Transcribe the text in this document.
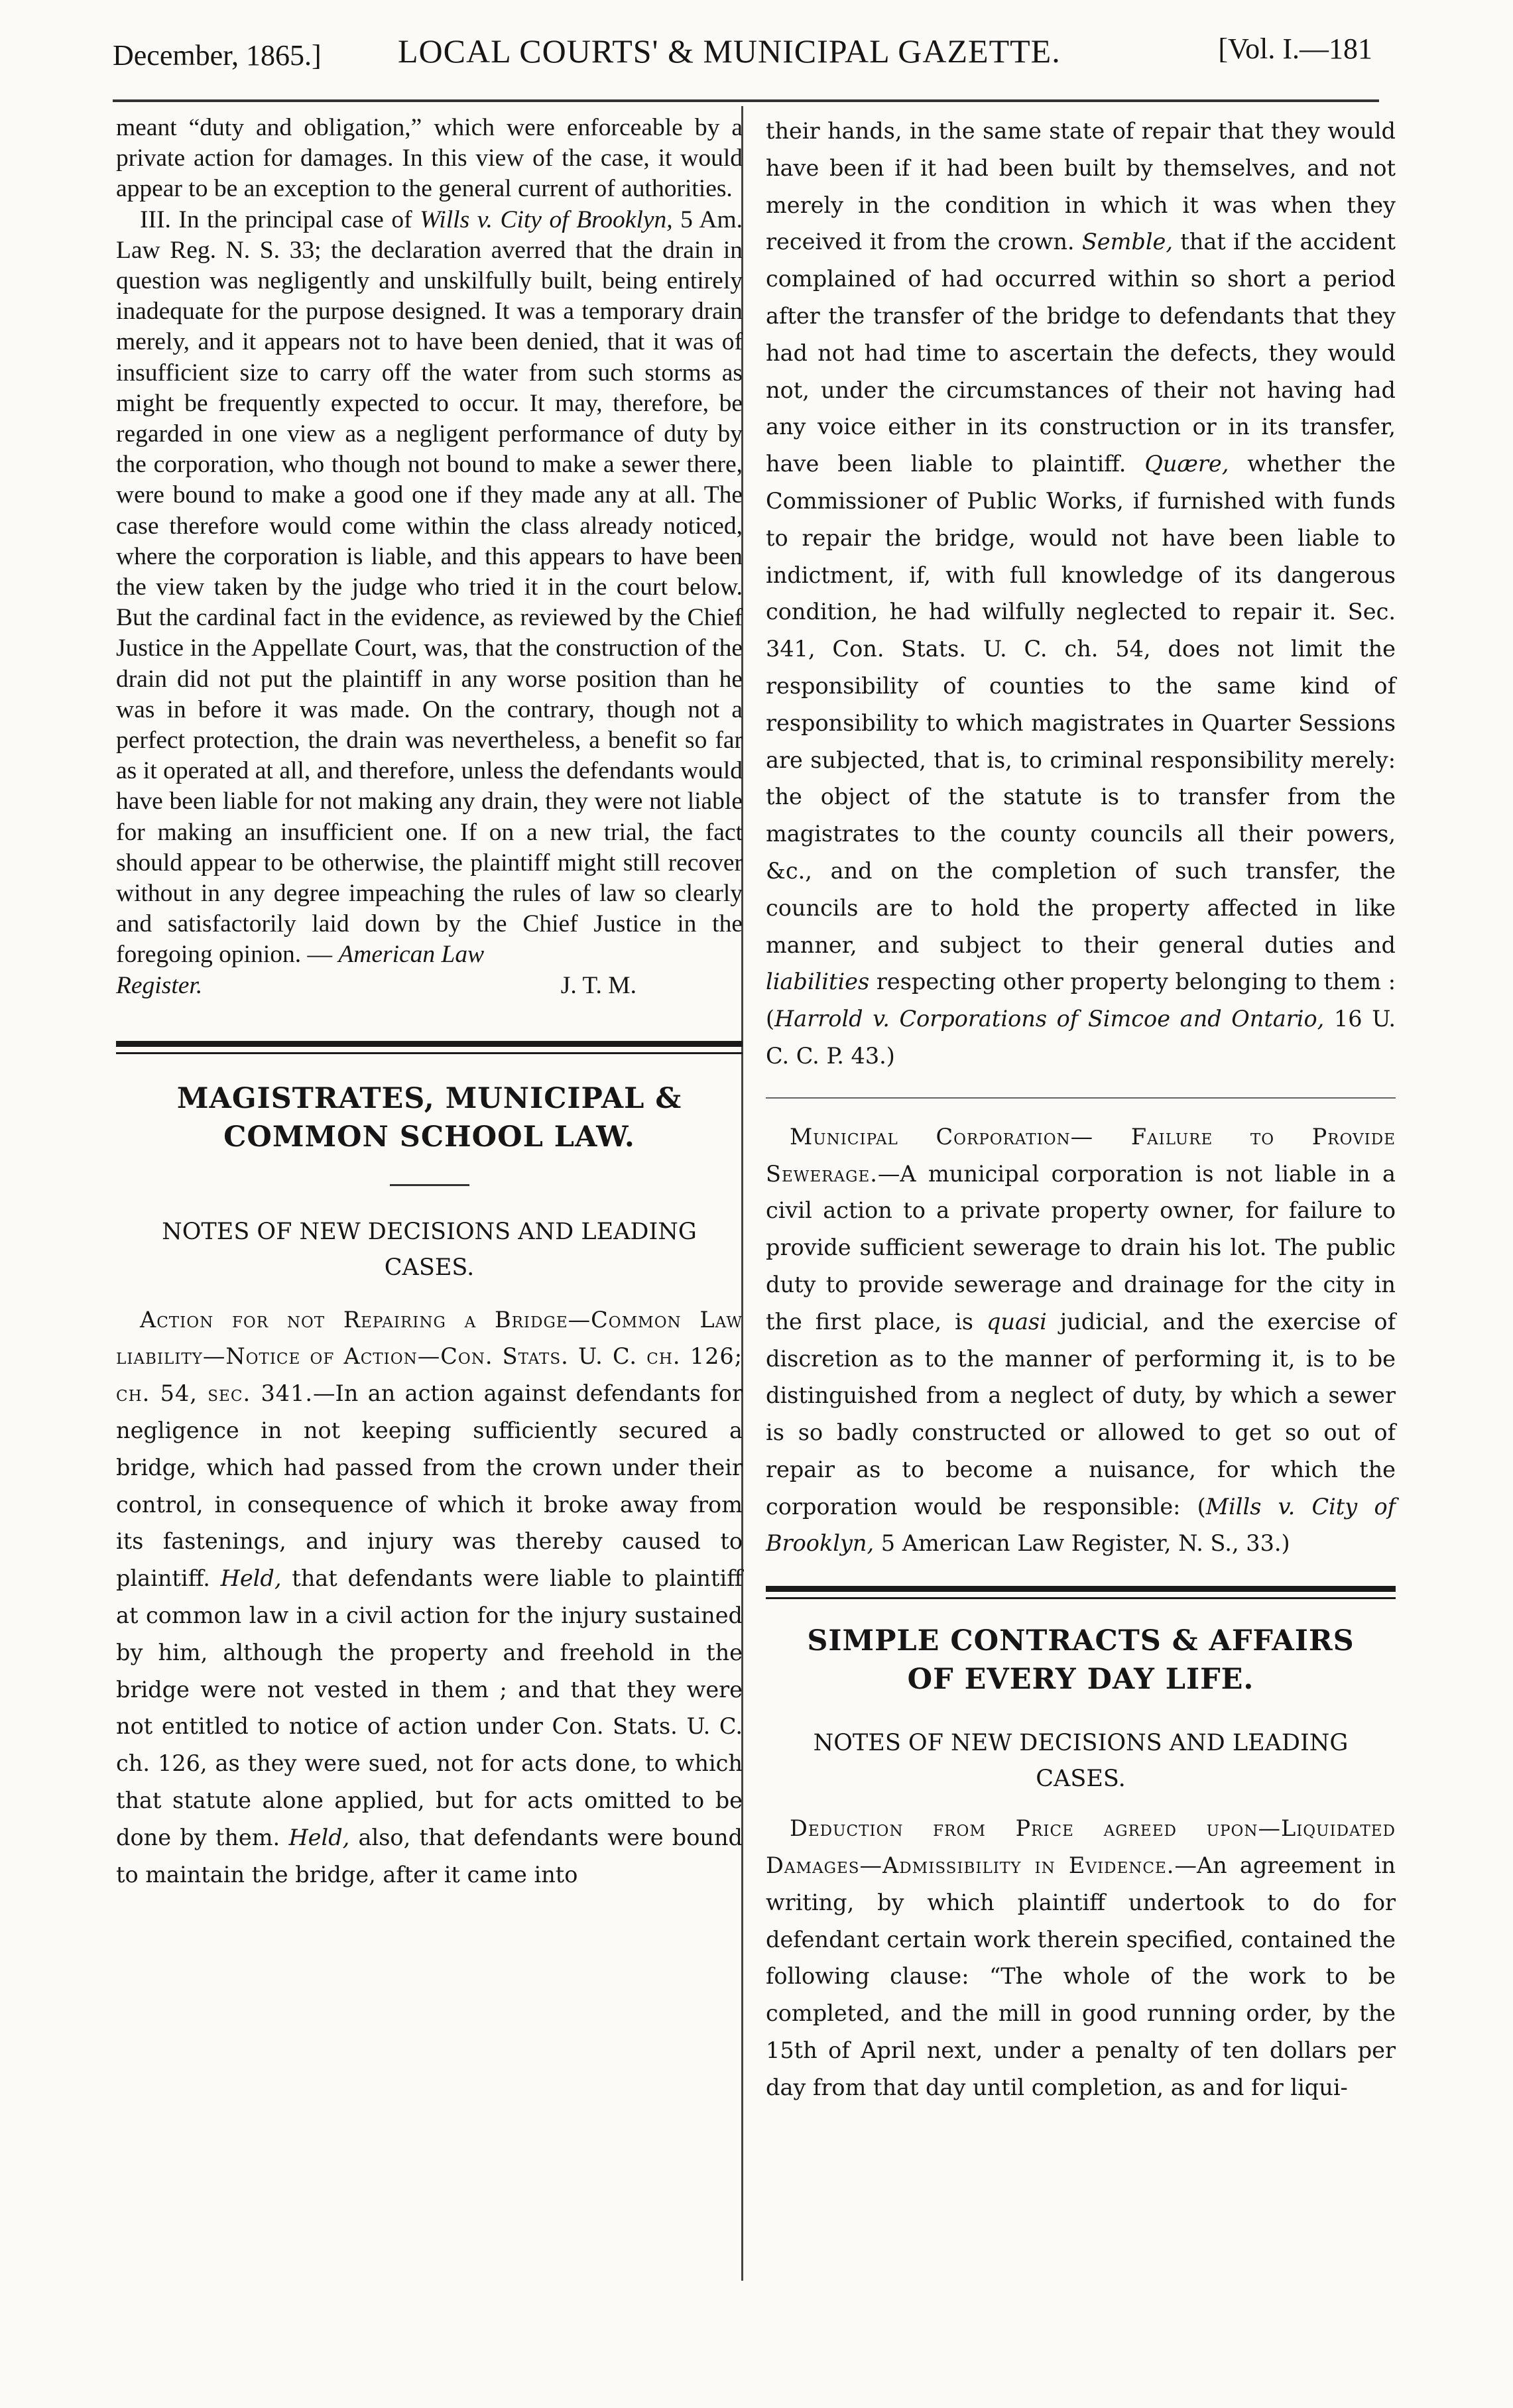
December, 1865.] LOCAL COURTS' & MUNICIPAL GAZETTE.	[Vol. I.—181

meant “duty and obligation,” which were enforceable by a private action for damages. In this view of the case, it would appear to be an exception to the general current of authorities.

III. In the principal case of Wills v. City of Brooklyn, 5 Am. Law Reg. N. S. 33; the declaration averred that the drain in question was negligently and unskilfully built, being entirely inadequate for the purpose designed. It was a temporary drain merely, and it appears not to have been denied, that it was of insufficient size to carry off the water from such storms as might be frequently expected to occur. It may, therefore, be regarded in one view as a negligent performance of duty by the corporation, who though not bound to make a sewer there, were bound to make a good one if they made any at all. The case therefore would come within the class already noticed, where the corporation is liable, and this appears to have been the view taken by the judge who tried it in the court below. But the cardinal fact in the evidence, as reviewed by the Chief Justice in the Appellate Court, was, that the construction of the drain did not put the plaintiff in any worse position than he was in before it was made. On the contrary, though not a perfect protection, the drain was nevertheless, a benefit so far as it operated at all, and therefore, unless the defendants would have been liable for not making any drain, they were not liable for making an insufficient one. If on a new trial, the fact should appear to be otherwise, the plaintiff might still recover without in any degree impeaching the rules of law so clearly and satisfactorily laid down by the Chief Justice in the foregoing opinion. — American Law

Register.	J. T. M.

MAGISTRATES, MUNICIPAL &
COMMON SCHOOL LAW.

NOTES OF NEW DECISIONS AND LEADING
CASES.

Action for not Repairing a Bridge—Common Law liability—Notice of Action—Con. Stats. U. C. ch. 126; ch. 54, sec. 341.—In an action against defendants for negligence in not keeping sufficiently secured a bridge, which had passed from the crown under their control, in consequence of which it broke away from its fastenings, and injury was thereby caused to plaintiff. Held, that defendants were liable to plaintiff at common law in a civil action for the injury sustained by him, although the property and freehold in the bridge were not vested in them ; and that they were not entitled to notice of action under Con. Stats. U. C. ch. 126, as they were sued, not for acts done, to which that statute alone applied, but for acts omitted to be done by them. Held, also, that defendants were bound to maintain the bridge, after it came into

their hands, in the same state of repair that they would have been if it had been built by themselves, and not merely in the condition in which it was when they received it from the crown. Semble, that if the accident complained of had occurred within so short a period after the transfer of the bridge to defendants that they had not had time to ascertain the defects, they would not, under the circumstances of their not having had any voice either in its construction or in its transfer, have been liable to plaintiff. Quære, whether the Commissioner of Public Works, if furnished with funds to repair the bridge, would not have been liable to indictment, if, with full knowledge of its dangerous condition, he had wilfully neglected to repair it. Sec. 341, Con. Stats. U. C. ch. 54, does not limit the responsibility of counties to the same kind of responsibility to which magistrates in Quarter Sessions are subjected, that is, to criminal responsibility merely: the object of the statute is to transfer from the magistrates to the county councils all their powers, &c., and on the completion of such transfer, the councils are to hold the property affected in like manner, and subject to their general duties and liabilities respecting other property belonging to them : (Harrold v. Corporations of Simcoe and Ontario, 16 U. C. C. P. 43.)

Municipal Corporation— Failure to Provide Sewerage.—A municipal corporation is not liable in a civil action to a private property owner, for failure to provide sufficient sewerage to drain his lot. The public duty to provide sewerage and drainage for the city in the first place, is quasi judicial, and the exercise of discretion as to the manner of performing it, is to be distinguished from a neglect of duty, by which a sewer is so badly constructed or allowed to get so out of repair as to become a nuisance, for which the corporation would be responsible: (Mills v. City of Brooklyn, 5 American Law Register, N. S., 33.)

SIMPLE CONTRACTS & AFFAIRS
OF EVERY DAY LIFE.

NOTES OF NEW DECISIONS AND LEADING
CASES.

Deduction from Price agreed upon—Liquidated Damages—Admissibility in Evidence.—An agreement in writing, by which plaintiff undertook to do for defendant certain work therein specified, contained the following clause: “The whole of the work to be completed, and the mill in good running order, by the 15th of April next, under a penalty of ten dollars per day from that day until completion, as and for liqui-
